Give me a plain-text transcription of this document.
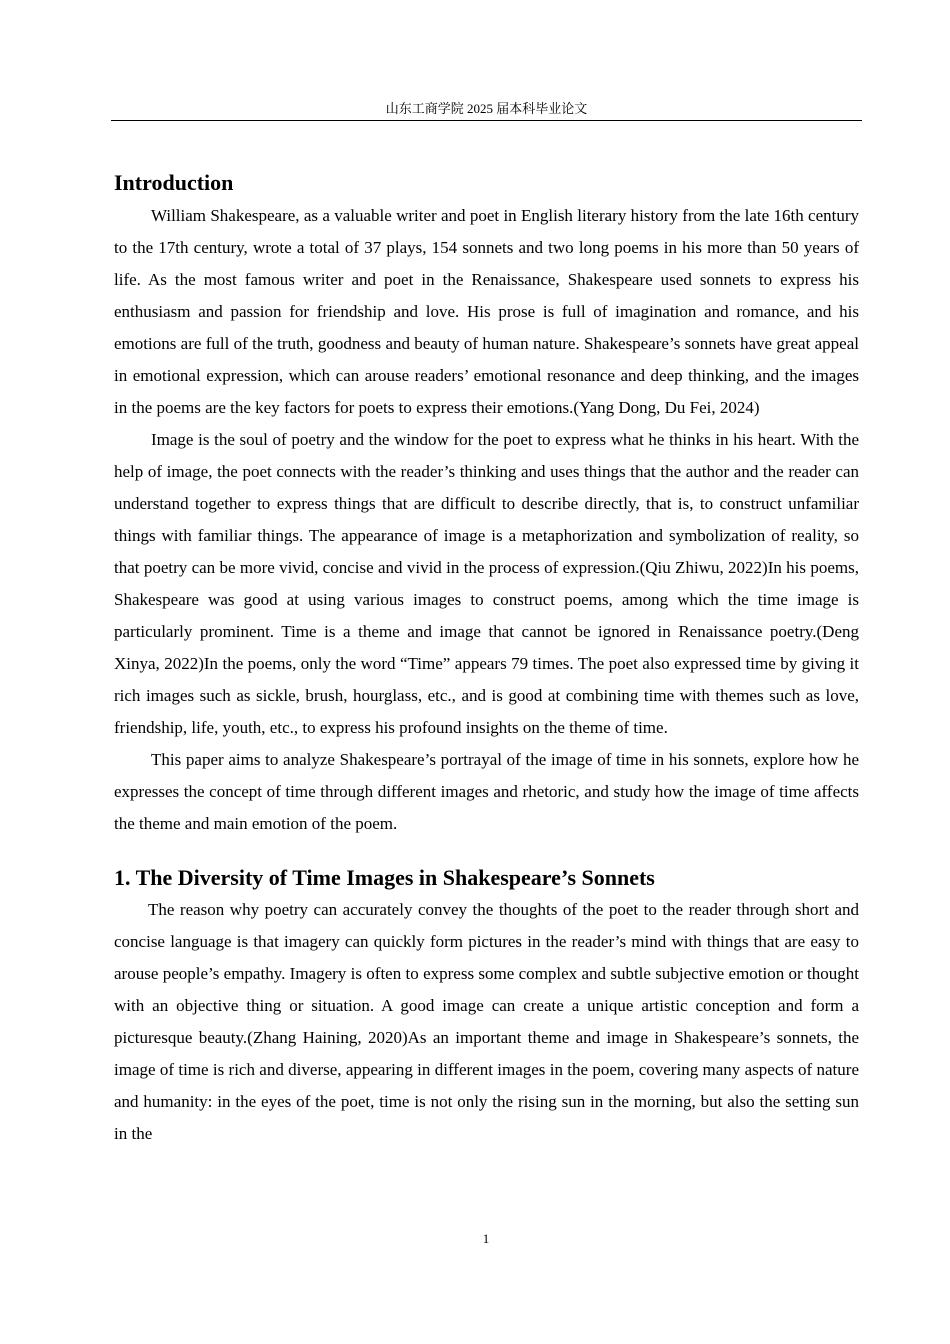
山东工商学院 2025 届本科毕业论文
Introduction

William Shakespeare, as a valuable writer and poet in English literary history from the late 16th century to the 17th century, wrote a total of 37 plays, 154 sonnets and two long poems in his more than 50 years of life. As the most famous writer and poet in the Renaissance, Shakespeare used sonnets to express his enthusiasm and passion for friendship and love. His prose is full of imagination and romance, and his emotions are full of the truth, goodness and beauty of human nature. Shakespeare’s sonnets have great appeal in emotional expression, which can arouse readers’ emotional resonance and deep thinking, and the images in the poems are the key factors for poets to express their emotions.(Yang Dong, Du Fei, 2024)

Image is the soul of poetry and the window for the poet to express what he thinks in his heart. With the help of image, the poet connects with the reader’s thinking and uses things that the author and the reader can understand together to express things that are difficult to describe directly, that is, to construct unfamiliar things with familiar things. The appearance of image is a metaphorization and symbolization of reality, so that poetry can be more vivid, concise and vivid in the process of expression.(Qiu Zhiwu, 2022)In his poems, Shakespeare was good at using various images to construct poems, among which the time image is particularly prominent. Time is a theme and image that cannot be ignored in Renaissance poetry.(Deng Xinya, 2022)In the poems, only the word “Time” appears 79 times. The poet also expressed time by giving it rich images such as sickle, brush, hourglass, etc., and is good at combining time with themes such as love, friendship, life, youth, etc., to express his profound insights on the theme of time.

This paper aims to analyze Shakespeare’s portrayal of the image of time in his sonnets, explore how he expresses the concept of time through different images and rhetoric, and study how the image of time affects the theme and main emotion of the poem.

1. The Diversity of Time Images in Shakespeare’s Sonnets

The reason why poetry can accurately convey the thoughts of the poet to the reader through short and concise language is that imagery can quickly form pictures in the reader’s mind with things that are easy to arouse people’s empathy. Imagery is often to express some complex and subtle subjective emotion or thought with an objective thing or situation. A good image can create a unique artistic conception and form a picturesque beauty.(Zhang Haining, 2020)As an important theme and image in Shakespeare’s sonnets, the image of time is rich and diverse, appearing in different images in the poem, covering many aspects of nature and humanity: in the eyes of the poet, time is not only the rising sun in the morning, but also the setting sun in the

1
